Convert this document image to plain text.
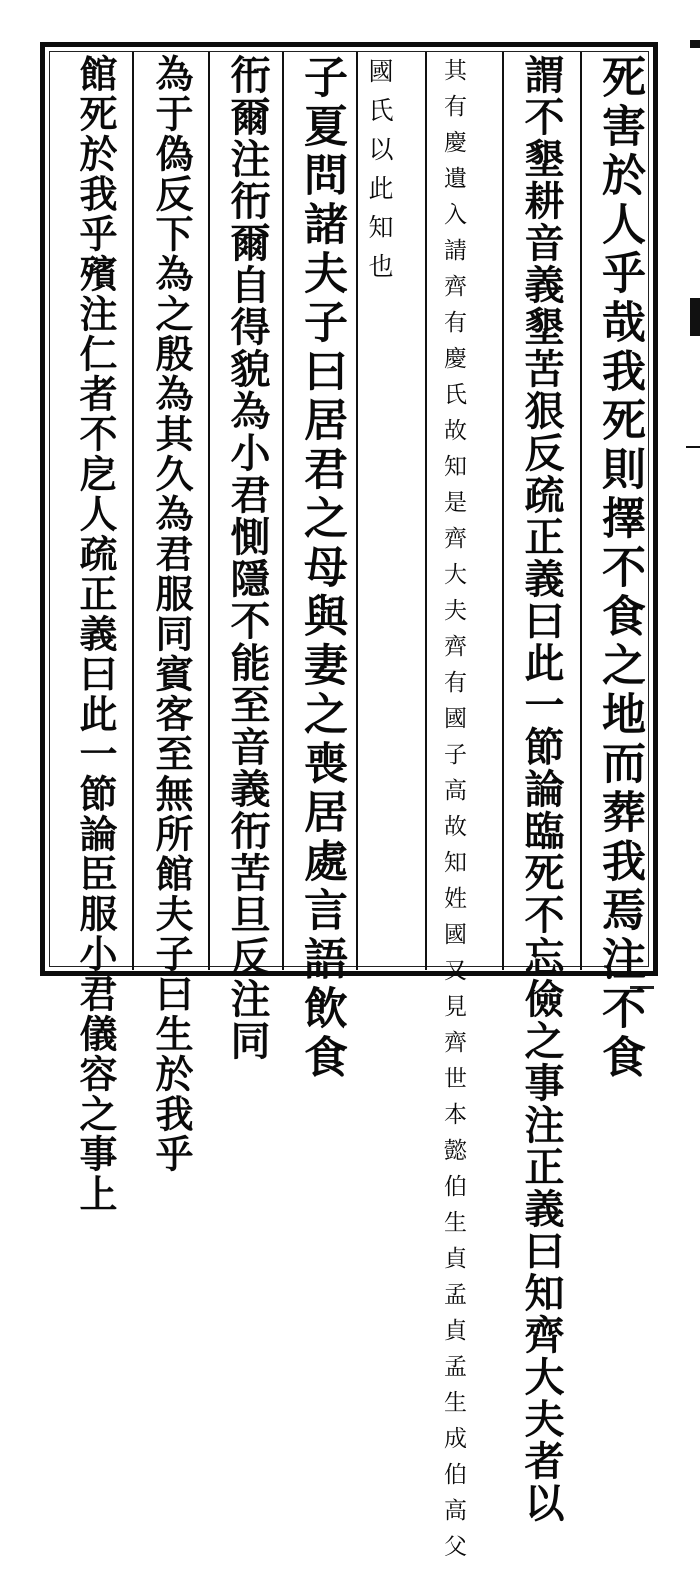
死害於人乎哉我死則擇不食之地而葬我焉注不食

謂不墾耕音義墾苦狠反疏正義曰此一節論臨死不忘儉之事注正義曰知齊大夫者以

其有慶遺入請齊有慶氏故知是齊大夫齊有國子高故知姓國又見齊世本懿伯生貞孟貞孟生成伯高父

國氏以此知也

子夏問諸夫子曰居君之母與妻之喪居處言語飲食

衎爾注衎爾自得貌為小君惻隱不能至音義衎苦旦反注同

為于偽反下為之殷為其久為君服同賓客至無所館夫子曰生於我乎

館死於我乎殯注仁者不戹人疏正義曰此一節論臣服小君儀容之事上
